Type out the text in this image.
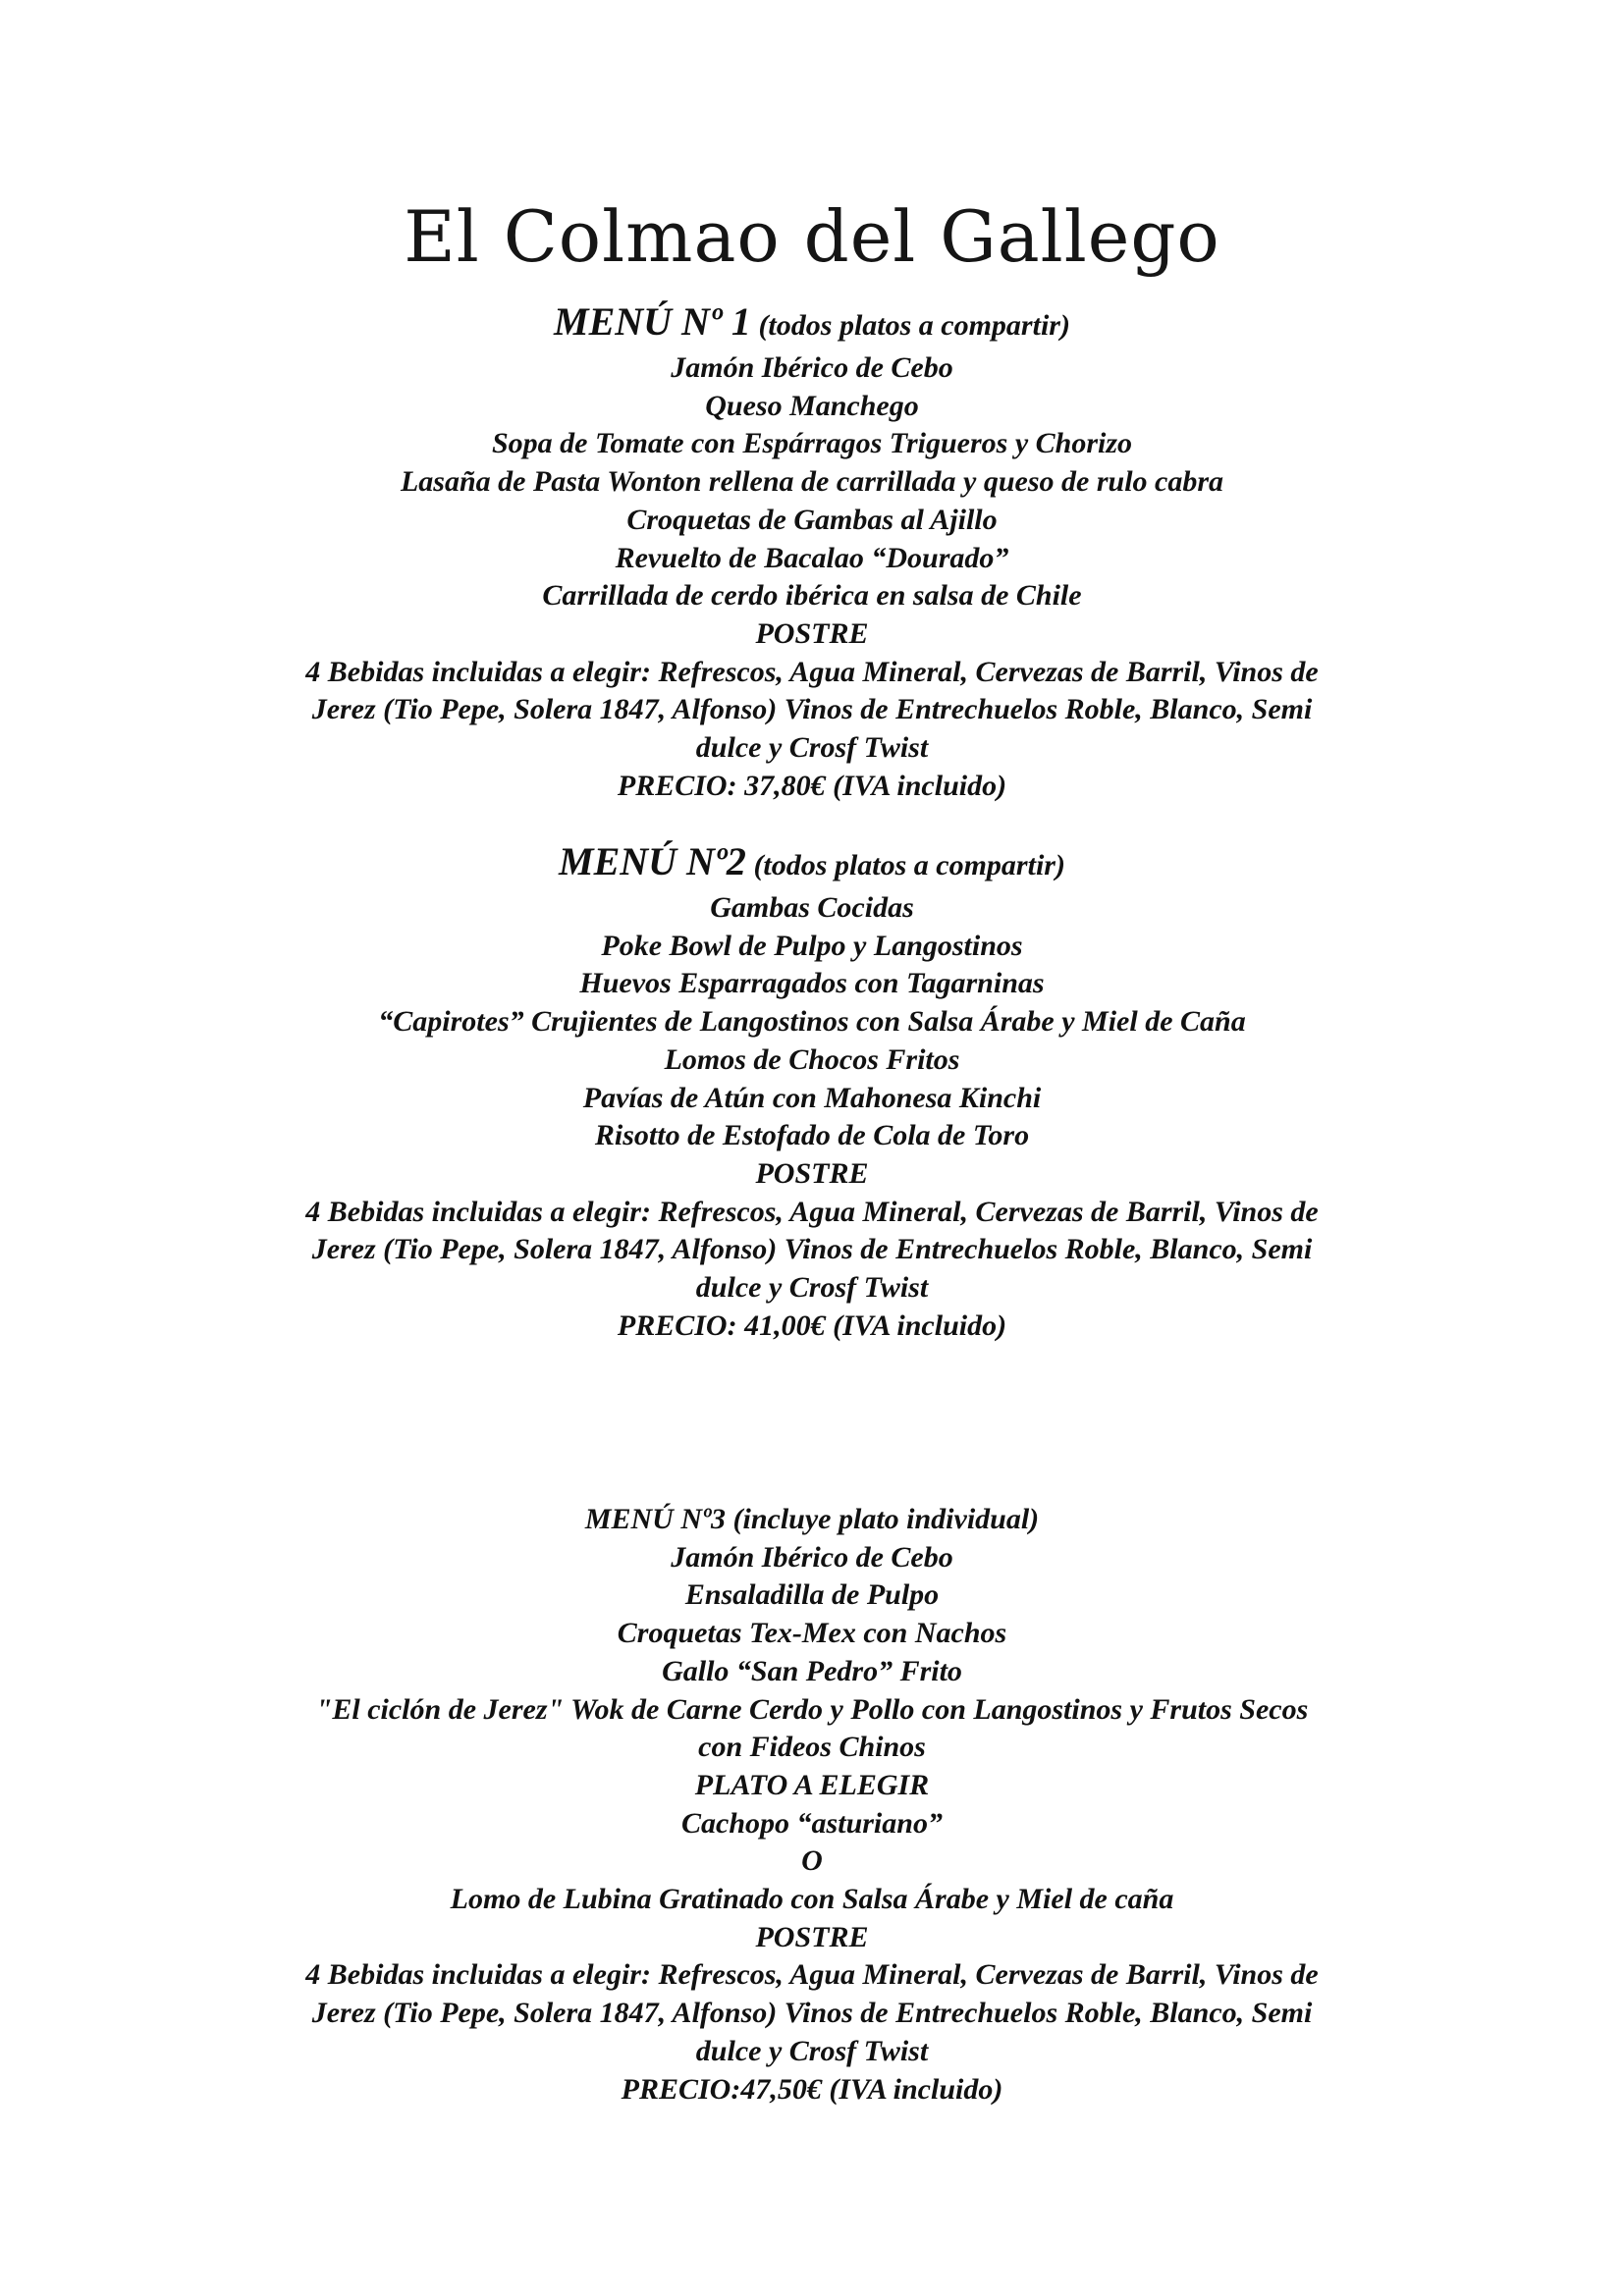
El Colmao del Gallego
MENÚ Nº 1 (todos platos a compartir)
Jamón Ibérico de Cebo
Queso Manchego
Sopa de Tomate con Espárragos Trigueros y Chorizo
Lasaña de Pasta Wonton rellena de carrillada y queso de rulo cabra
Croquetas de Gambas al Ajillo
Revuelto de Bacalao “Dourado”
Carrillada de cerdo ibérica en salsa de Chile
POSTRE
4 Bebidas incluidas a elegir: Refrescos, Agua Mineral, Cervezas de Barril, Vinos de
Jerez (Tio Pepe, Solera 1847, Alfonso) Vinos de Entrechuelos Roble, Blanco, Semi
dulce y Crosf Twist
PRECIO: 37,80€ (IVA incluido)
MENÚ Nº2 (todos platos a compartir)
Gambas Cocidas
Poke Bowl de Pulpo y Langostinos
Huevos Esparragados con Tagarninas
“Capirotes” Crujientes de Langostinos con Salsa Árabe y Miel de Caña
Lomos de Chocos Fritos
Pavías de Atún con Mahonesa Kinchi
Risotto de Estofado de Cola de Toro
POSTRE
4 Bebidas incluidas a elegir: Refrescos, Agua Mineral, Cervezas de Barril, Vinos de
Jerez (Tio Pepe, Solera 1847, Alfonso) Vinos de Entrechuelos Roble, Blanco, Semi
dulce y Crosf Twist
PRECIO: 41,00€ (IVA incluido)
MENÚ Nº3 (incluye plato individual)
Jamón Ibérico de Cebo
Ensaladilla de Pulpo
Croquetas Tex-Mex con Nachos
Gallo “San Pedro” Frito
"El ciclón de Jerez" Wok de Carne Cerdo y Pollo con Langostinos y Frutos Secos
con Fideos Chinos
PLATO A ELEGIR
Cachopo “asturiano”
O
Lomo de Lubina Gratinado con Salsa Árabe y Miel de caña
POSTRE
4 Bebidas incluidas a elegir: Refrescos, Agua Mineral, Cervezas de Barril, Vinos de
Jerez (Tio Pepe, Solera 1847, Alfonso) Vinos de Entrechuelos Roble, Blanco, Semi
dulce y Crosf Twist
PRECIO:47,50€ (IVA incluido)
